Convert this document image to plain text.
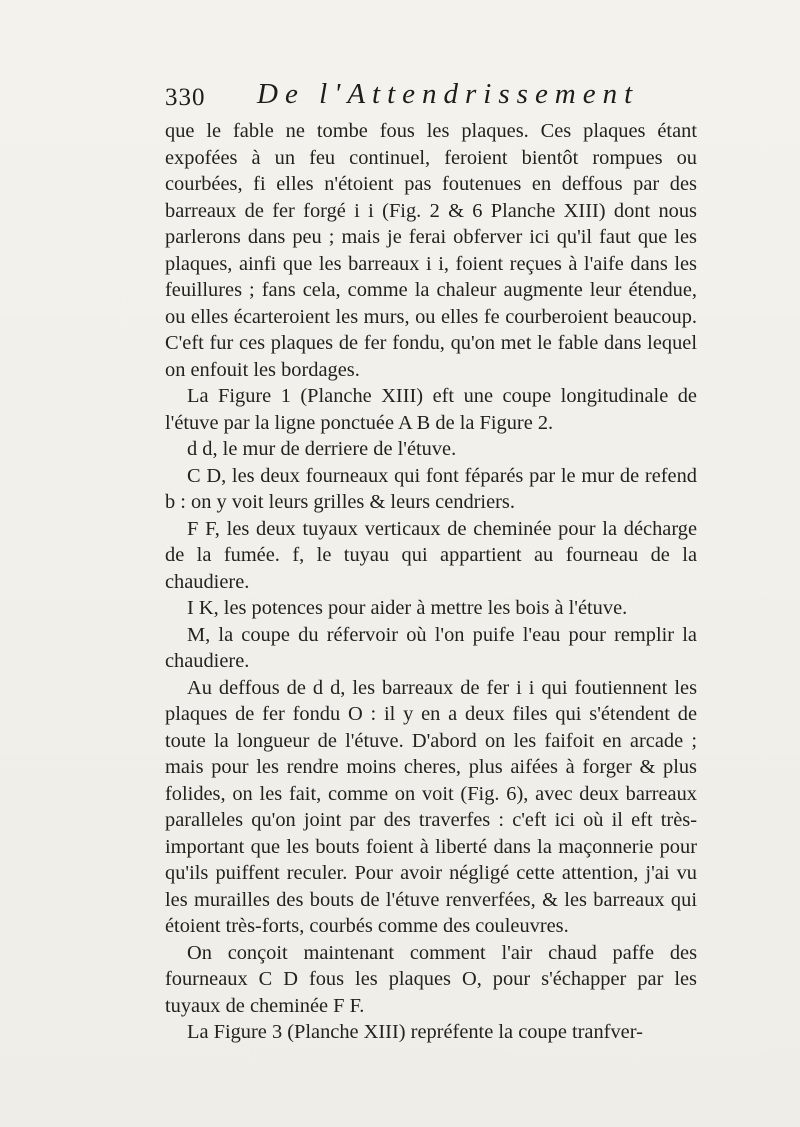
330 De l'Attendrissement

que le fable ne tombe fous les plaques. Ces plaques étant expofées à un feu continuel, feroient bientôt rompues ou courbées, fi elles n'étoient pas foutenues en deffous par des barreaux de fer forgé i i (Fig. 2 & 6 Planche XIII) dont nous parlerons dans peu ; mais je ferai obferver ici qu'il faut que les plaques, ainfi que les barreaux i i, foient reçues à l'aife dans les feuillures ; fans cela, comme la chaleur augmente leur étendue, ou elles écarteroient les murs, ou elles fe courberoient beaucoup. C'eft fur ces plaques de fer fondu, qu'on met le fable dans lequel on enfouit les bordages.

La Figure 1 (Planche XIII) eft une coupe longitudinale de l'étuve par la ligne ponctuée A B de la Figure 2.

d d, le mur de derriere de l'étuve.

C D, les deux fourneaux qui font féparés par le mur de refend b : on y voit leurs grilles & leurs cendriers.

F F, les deux tuyaux verticaux de cheminée pour la décharge de la fumée. f, le tuyau qui appartient au fourneau de la chaudiere.

I K, les potences pour aider à mettre les bois à l'étuve.

M, la coupe du réfervoir où l'on puife l'eau pour remplir la chaudiere.

Au deffous de d d, les barreaux de fer i i qui foutiennent les plaques de fer fondu O : il y en a deux files qui s'étendent de toute la longueur de l'étuve. D'abord on les faifoit en arcade ; mais pour les rendre moins cheres, plus aifées à forger & plus folides, on les fait, comme on voit (Fig. 6), avec deux barreaux paralleles qu'on joint par des traverfes : c'eft ici où il eft très-important que les bouts foient à liberté dans la maçonnerie pour qu'ils puiffent reculer. Pour avoir négligé cette attention, j'ai vu les murailles des bouts de l'étuve renverfées, & les barreaux qui étoient très-forts, courbés comme des couleuvres.

On conçoit maintenant comment l'air chaud paffe des fourneaux C D fous les plaques O, pour s'échapper par les tuyaux de cheminée F F.

La Figure 3 (Planche XIII) repréfente la coupe tranfver-
